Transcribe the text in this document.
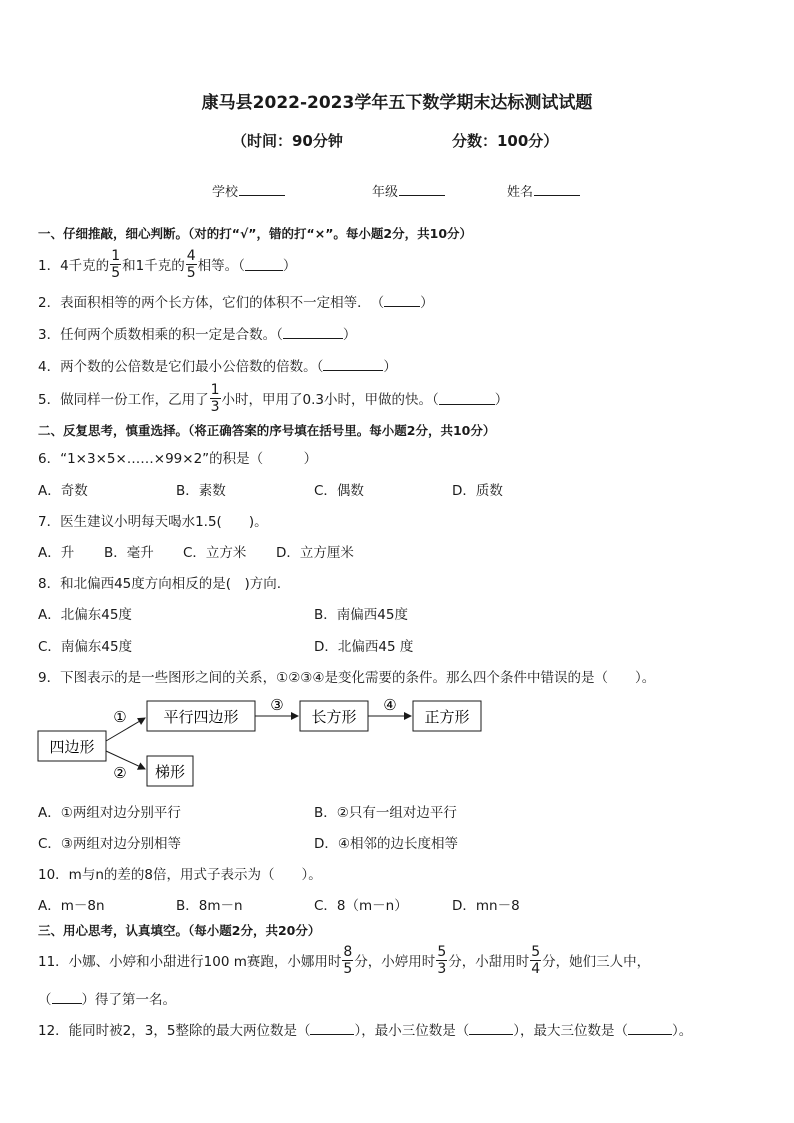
康马县2022-2023学年五下数学期末达标测试试题
（时间：90分钟	分数：100分）
学校	年级	姓名
一、仔细推敲，细心判断。（对的打“√”，错的打“×”。每小题2分，共10分）
1．4千克的 $\frac{1}{5}$ 和1千克的 $\frac{4}{5}$ 相等。（	）
2．表面积相等的两个长方体，它们的体积不一定相等．　（	）
3．任何两个质数相乘的积一定是合数。（	）
4．两个数的公倍数是它们最小公倍数的倍数。（	）
5．做同样一份工作，乙用了 $\frac{1}{3}$ 小时，甲用了0.3小时，甲做的快。（	）
二、反复思考，慎重选择。（将正确答案的序号填在括号里。每小题2分，共10分）
6．“1×3×5×……×99×2”的积是（　　　）
A．奇数	B．素数	C．偶数	D．质数
7．医生建议小明每天喝水1.5(　　)。
A．升 B．毫升 C．立方米 D．立方厘米
8．和北偏西45度方向相反的是(　)方向.
A．北偏东45度	B．南偏西45度
C．南偏东45度	D．北偏西45 度
9．下图表示的是一些图形之间的关系，①②③④是变化需要的条件。那么四个条件中错误的是（　　）。
四边形
平行四边形	长方形	正方形
梯形
①
②
③	④
A．①两组对边分别平行	B．②只有一组对边平行
C．③两组对边分别相等	D．④相邻的边长度相等
10．m与n的差的8倍，用式子表示为（　　）。
A．m－8n	B．8m－n	C．8（m－n）	D．mn－8
三、用心思考，认真填空。（每小题2分，共20分）
11．小娜、小婷和小甜进行100 m赛跑，小娜用时 $\frac{8}{5}$ 分，小婷用时 $\frac{5}{3}$ 分，小甜用时 $\frac{5}{4}$ 分，她们三人中，
（ ）得了第一名。
12．能同时被2，3，5整除的最大两位数是（	），最小三位数是（	），最大三位数是（	）。
